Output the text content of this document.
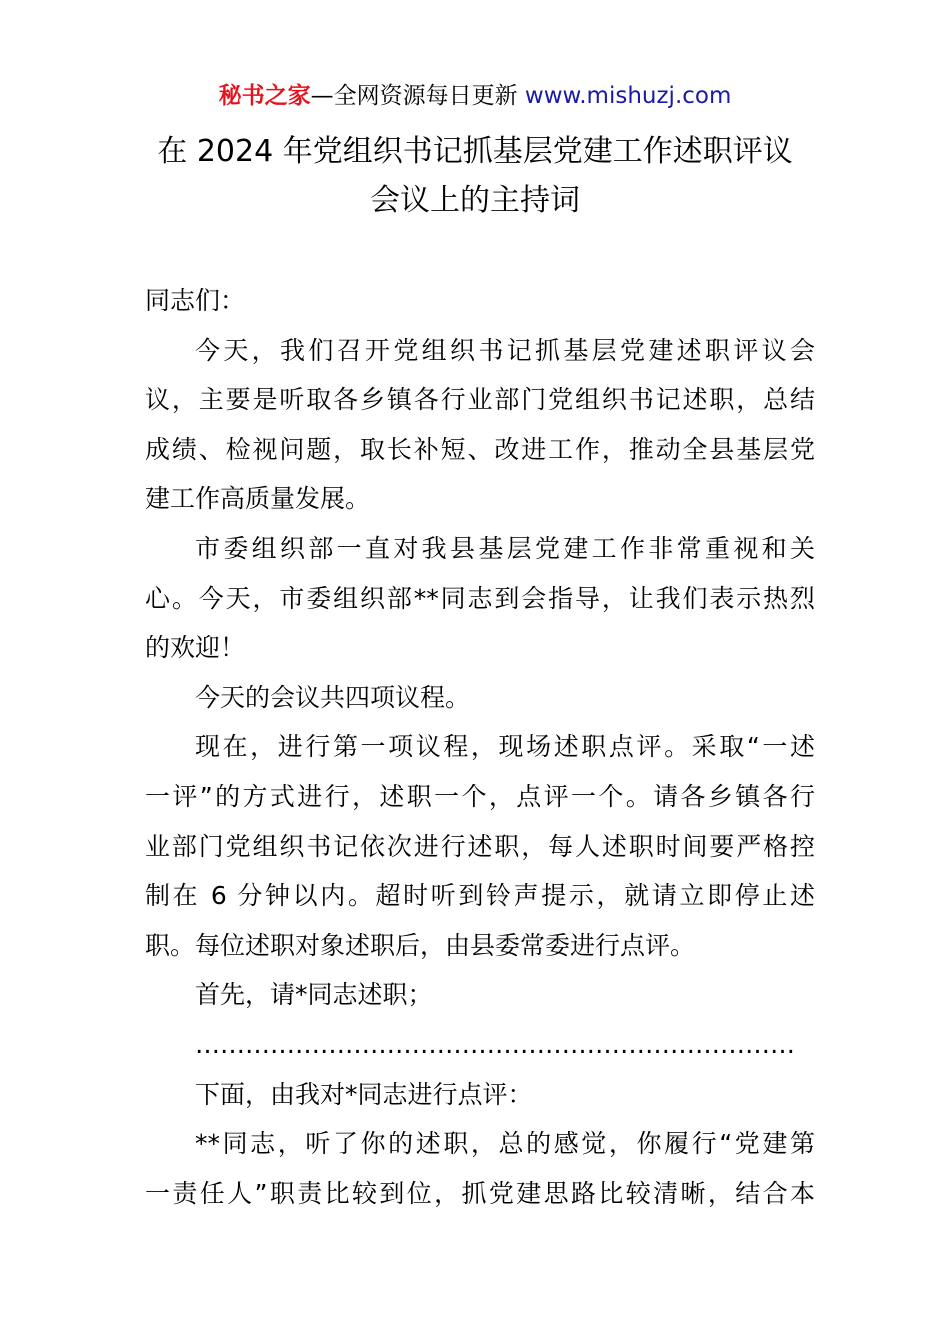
秘书之家—全网资源每日更新 www.mishuzj.com
在 2024 年党组织书记抓基层党建工作述职评议
会议上的主持词
同志们：
今天，我们召开党组织书记抓基层党建述职评议会
议，主要是听取各乡镇各行业部门党组织书记述职，总结
成绩、检视问题，取长补短、改进工作，推动全县基层党
建工作高质量发展。
市委组织部一直对我县基层党建工作非常重视和关
心。今天，市委组织部**同志到会指导，让我们表示热烈
的欢迎！
今天的会议共四项议程。
现在，进行第一项议程，现场述职点评。采取“一述
一评”的方式进行，述职一个，点评一个。请各乡镇各行
业部门党组织书记依次进行述职，每人述职时间要严格控
制在 6 分钟以内。超时听到铃声提示，就请立即停止述
职。每位述职对象述职后，由县委常委进行点评。
首先，请*同志述职；
………………………………………………………………
下面，由我对*同志进行点评：
**同志，听了你的述职，总的感觉，你履行“党建第
一责任人”职责比较到位，抓党建思路比较清晰，结合本
